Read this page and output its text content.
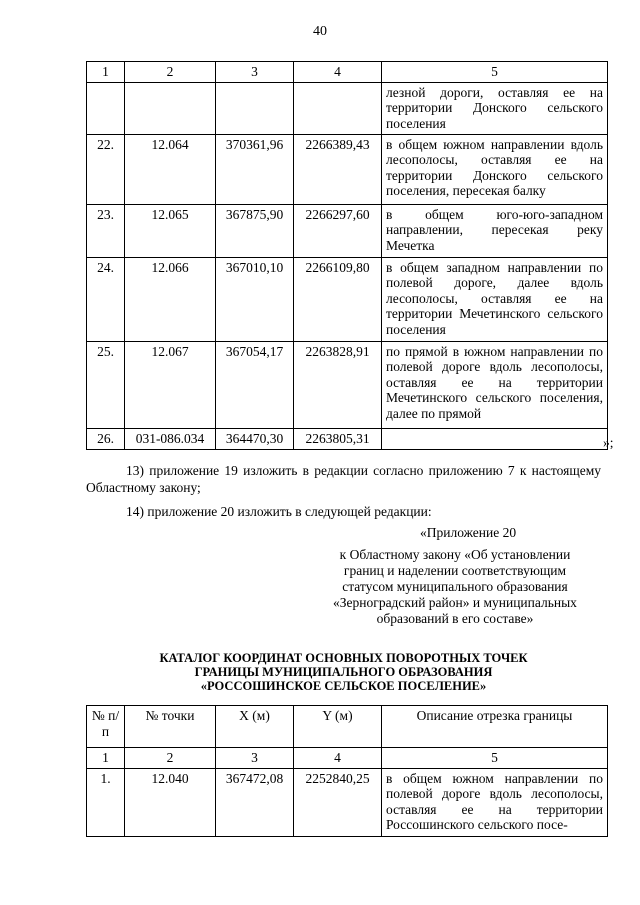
40
1	2	3	4	5
				лезной дороги, оставляя ее на территории Донского сельского поселения
22.	12.064	370361,96	2266389,43	в общем южном направлении вдоль лесополосы, оставляя ее на территории Донского сельского поселения, пересекая балку
23.	12.065	367875,90	2266297,60	в общем юго-юго-западном направлении, пересекая реку Мечетка
24.	12.066	367010,10	2266109,80	в общем западном направлении по полевой дороге, далее вдоль лесополосы, оставляя ее на территории Мечетинского сельского поселения
25.	12.067	367054,17	2263828,91	по прямой в южном направлении по полевой дороге вдоль лесополосы, оставляя ее на территории Мечетинского сельского поселения, далее по прямой
26.	031-086.034	364470,30	2263805,31		»;
13) приложение 19 изложить в редакции согласно приложению 7 к настоящему Областному закону;
14) приложение 20 изложить в следующей редакции:
«Приложение 20
к Областному закону «Об установлении
границ и наделении соответствующим
статусом муниципального образования
«Зерноградский район» и муниципальных
образований в его составе»
КАТАЛОГ КООРДИНАТ ОСНОВНЫХ ПОВОРОТНЫХ ТОЧЕК
ГРАНИЦЫ МУНИЦИПАЛЬНОГО ОБРАЗОВАНИЯ
«РОССОШИНСКОЕ СЕЛЬСКОЕ ПОСЕЛЕНИЕ»
№ п/п	№ точки	X (м)	Y (м)	Описание отрезка границы
1	2	3	4	5
1.	12.040	367472,08	2252840,25	в общем южном направлении по полевой дороге вдоль лесополосы, оставляя ее на территории Россошинского сельского посе-
